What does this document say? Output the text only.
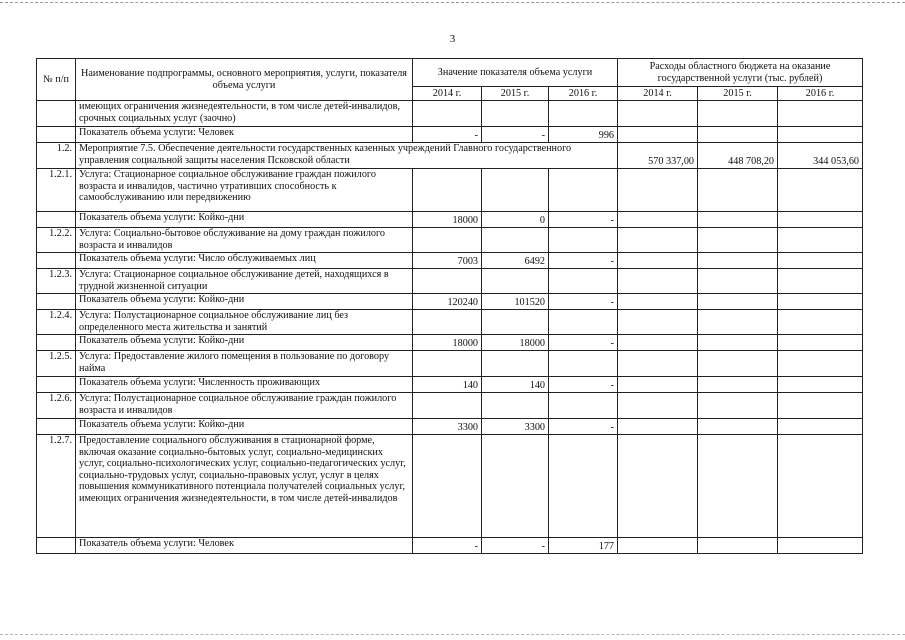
3
№ п/п	Наименование подпрограммы, основного мероприятия, услуги, показателя объема услуги	Значение показателя объема услуги			Расходы областного бюджета на оказание государственной услуги (тыс. рублей)		
		2014 г.	2015 г.	2016 г.	2014 г.	2015 г.	2016 г.
	имеющих ограничения жизнедеятельности, в том числе детей-инвалидов, срочных социальных услуг (заочно)						
	Показатель объема услуги: Человек	-	-	996			
1.2.	Мероприятие 7.5. Обеспечение деятельности государственных казенных учреждений Главного государственного управления социальной защиты населения Псковской области				570 337,00	448 708,20	344 053,60
1.2.1.	Услуга: Стационарное социальное обслуживание граждан пожилого возраста и инвалидов, частично утративших способность к самообслуживанию или передвижению						
	Показатель объема услуги: Койко-дни	18000	0	-			
1.2.2.	Услуга: Социально-бытовое обслуживание на дому граждан пожилого возраста и инвалидов						
	Показатель объема услуги: Число обслуживаемых лиц	7003	6492	-			
1.2.3.	Услуга: Стационарное социальное обслуживание детей, находящихся в трудной жизненной ситуации						
	Показатель объема услуги: Койко-дни	120240	101520	-			
1.2.4.	Услуга: Полустационарное социальное обслуживание лиц без определенного места жительства и занятий						
	Показатель объема услуги: Койко-дни	18000	18000	-			
1.2.5.	Услуга: Предоставление жилого помещения в пользование по договору найма						
	Показатель объема услуги: Численность проживающих	140	140	-			
1.2.6.	Услуга: Полустационарное социальное обслуживание граждан пожилого возраста и инвалидов						
	Показатель объема услуги: Койко-дни	3300	3300	-			
1.2.7.	Предоставление социального обслуживания в стационарной форме, включая оказание социально-бытовых услуг, социально-медицинских услуг, социально-психологических услуг, социально-педагогических услуг, социально-трудовых услуг, социально-правовых услуг, услуг в целях повышения коммуникативного потенциала получателей социальных услуг, имеющих ограничения жизнедеятельности, в том числе детей-инвалидов						
	Показатель объема услуги: Человек	-	-	177			
